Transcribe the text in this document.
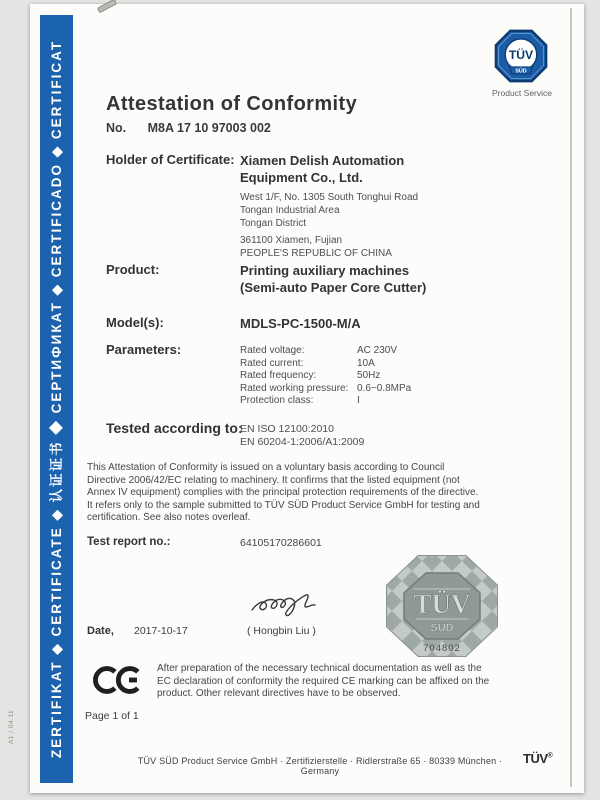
ZERTIFIKAT ◆ CERTIFICATE ◆ 认证证书 ◆ СЕРТИФИКАТ ◆ CERTIFICADO ◆ CERTIFICAT
A1 / 04.11
TÜV
SÜD
Product Service
Attestation of Conformity
No. M8A 17 10 97003 002
Holder of Certificate: Xiamen Delish Automation
Equipment Co., Ltd.
West 1/F, No. 1305 South Tonghui Road
Tongan Industrial Area
Tongan District
361100 Xiamen, Fujian
PEOPLE'S REPUBLIC OF CHINA
Product:	Printing auxiliary machines
(Semi-auto Paper Core Cutter)
Model(s):	MDLS-PC-1500-M/A
Parameters:	Rated voltage:	AC 230V
Rated current:	10A
Rated frequency:	50Hz
Rated working pressure: 0.6~0.8MPa
Protection class:	I
Tested according to:
EN ISO 12100:2010
EN 60204-1:2006/A1:2009
This Attestation of Conformity is issued on a voluntary basis according to Council Directive 2006/42/EC relating to machinery. It confirms that the listed equipment (not Annex IV equipment) complies with the principal protection requirements of the directive. It refers only to the sample submitted to TÜV SÜD Product Service GmbH for testing and certification. See also notes overleaf.
Test report no.:	64105170286601
TÜV
SÜD
704802
Date, 2017-10-17	( Hongbin Liu )
After preparation of the necessary technical documentation as well as the EC declaration of conformity the required CE marking can be affixed on the product. Other relevant directives have to be observed.
Page 1 of 1
TÜV SÜD Product Service GmbH · Zertifizierstelle · Ridlerstraße 65 · 80339 München · Germany
TÜV®
